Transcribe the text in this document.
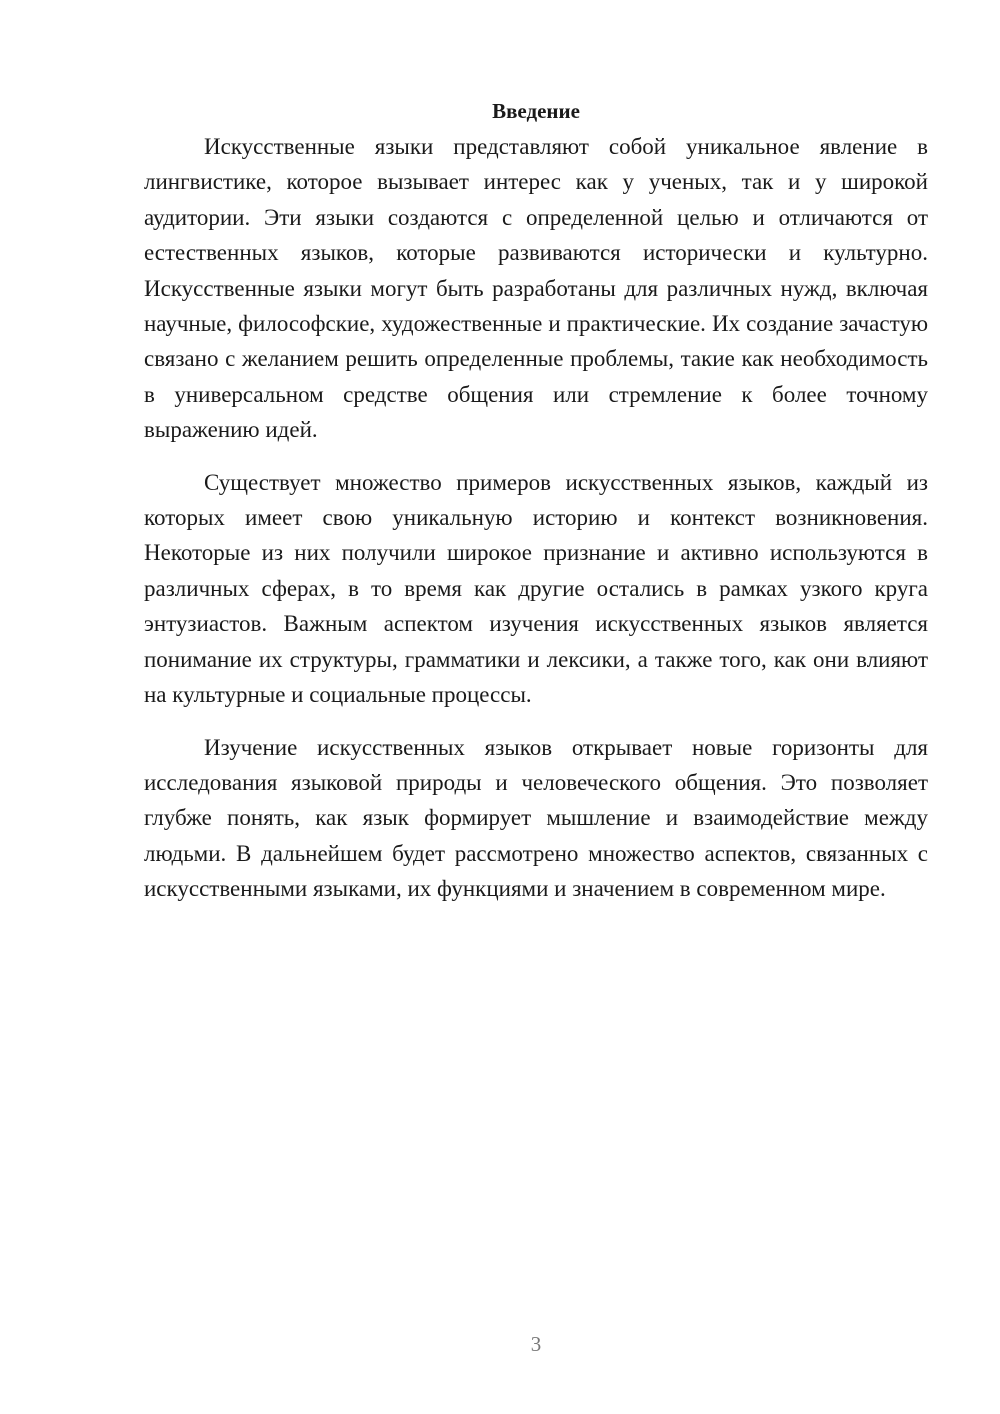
Введение

Искусственные языки представляют собой уникальное явление в лингвистике, которое вызывает интерес как у ученых, так и у широкой аудитории. Эти языки создаются с определенной целью и отличаются от естественных языков, которые развиваются исторически и культурно. Искусственные языки могут быть разработаны для различных нужд, включая научные, философские, художественные и практические. Их создание зачастую связано с желанием решить определенные проблемы, такие как необходимость в универсальном средстве общения или стремление к более точному выражению идей.

Существует множество примеров искусственных языков, каждый из которых имеет свою уникальную историю и контекст возникновения. Некоторые из них получили широкое признание и активно используются в различных сферах, в то время как другие остались в рамках узкого круга энтузиастов. Важным аспектом изучения искусственных языков является понимание их структуры, грамматики и лексики, а также того, как они влияют на культурные и социальные процессы.

Изучение искусственных языков открывает новые горизонты для исследования языковой природы и человеческого общения. Это позволяет глубже понять, как язык формирует мышление и взаимодействие между людьми. В дальнейшем будет рассмотрено множество аспектов, связанных с искусственными языками, их функциями и значением в современном мире.

3
